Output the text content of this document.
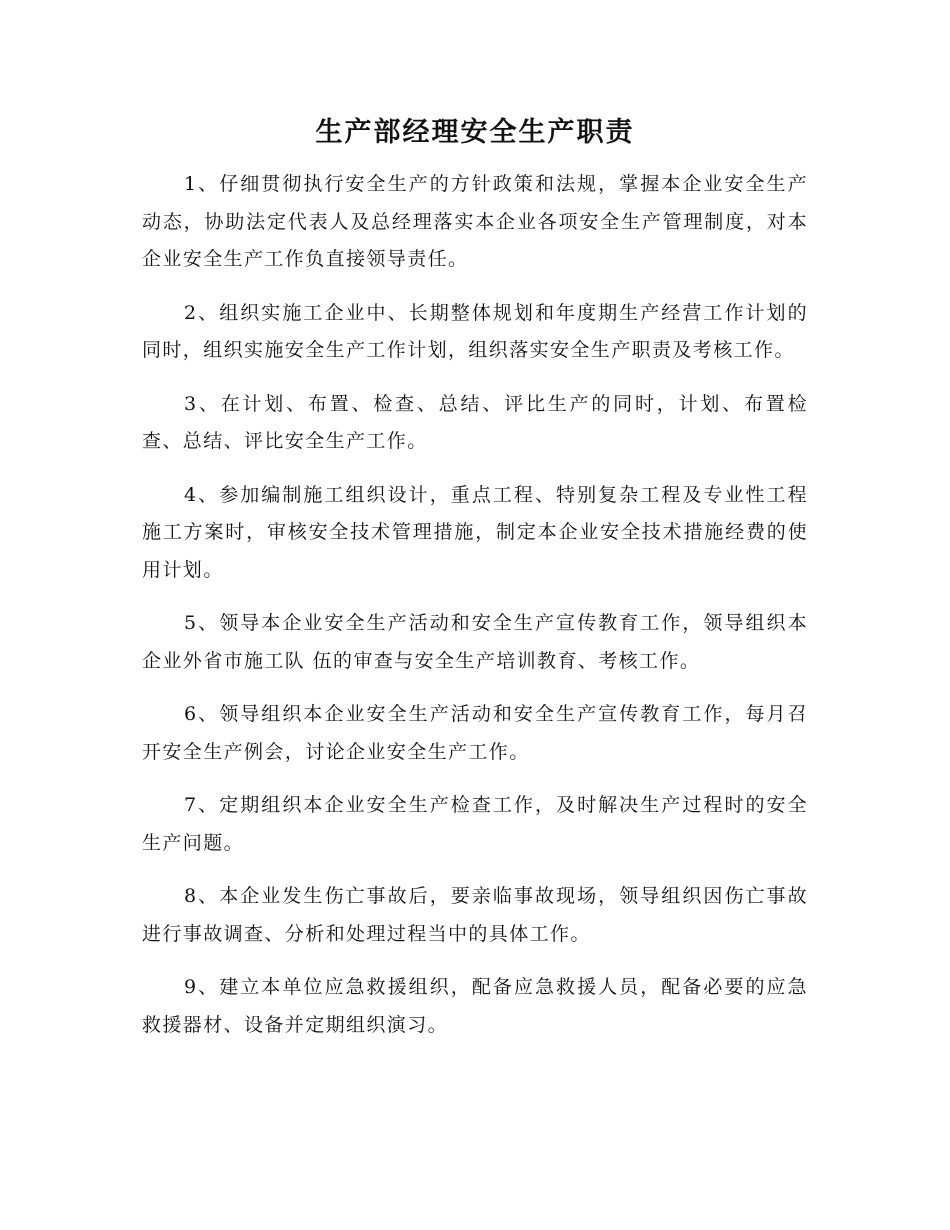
生产部经理安全生产职责

1、仔细贯彻执行安全生产的方针政策和法规，掌握本企业安全生产动态，协助法定代表人及总经理落实本企业各项安全生产管理制度，对本企业安全生产工作负直接领导责任。

2、组织实施工企业中、长期整体规划和年度期生产经营工作计划的同时，组织实施安全生产工作计划，组织落实安全生产职责及考核工作。

3、在计划、布置、检查、总结、评比生产的同时，计划、布置检查、总结、评比安全生产工作。

4、参加编制施工组织设计，重点工程、特别复杂工程及专业性工程施工方案时，审核安全技术管理措施，制定本企业安全技术措施经费的使用计划。

5、领导本企业安全生产活动和安全生产宣传教育工作，领导组织本企业外省市施工队 伍的审查与安全生产培训教育、考核工作。

6、领导组织本企业安全生产活动和安全生产宣传教育工作，每月召开安全生产例会，讨论企业安全生产工作。

7、定期组织本企业安全生产检查工作，及时解决生产过程时的安全生产问题。

8、本企业发生伤亡事故后，要亲临事故现场，领导组织因伤亡事故进行事故调查、分析和处理过程当中的具体工作。

9、建立本单位应急救援组织，配备应急救援人员，配备必要的应急救援器材、设备并定期组织演习。
